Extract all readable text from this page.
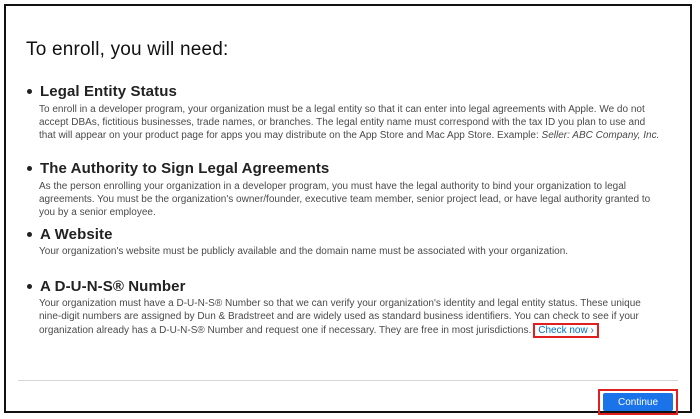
To enroll, you will need:
Legal Entity Status

To enroll in a developer program, your organization must be a legal entity so that it can enter into legal agreements with Apple. We do not accept DBAs, fictitious businesses, trade names, or branches. The legal entity name must correspond with the tax ID you plan to use and that will appear on your product page for apps you may distribute on the App Store and Mac App Store. Example: Seller: ABC Company, Inc.

The Authority to Sign Legal Agreements

As the person enrolling your organization in a developer program, you must have the legal authority to bind your organization to legal agreements. You must be the organization's owner/founder, executive team member, senior project lead, or have legal authority granted to you by a senior employee.

A Website

Your organization's website must be publicly available and the domain name must be associated with your organization.

A D-U-N-S® Number

Your organization must have a D-U-N-S® Number so that we can verify your organization's identity and legal entity status. These unique nine-digit numbers are assigned by Dun & Bradstreet and are widely used as standard business identifiers. You can check to see if your organization already has a D-U-N-S® Number and request one if necessary. They are free in most jurisdictions. Check now ›

Continue
